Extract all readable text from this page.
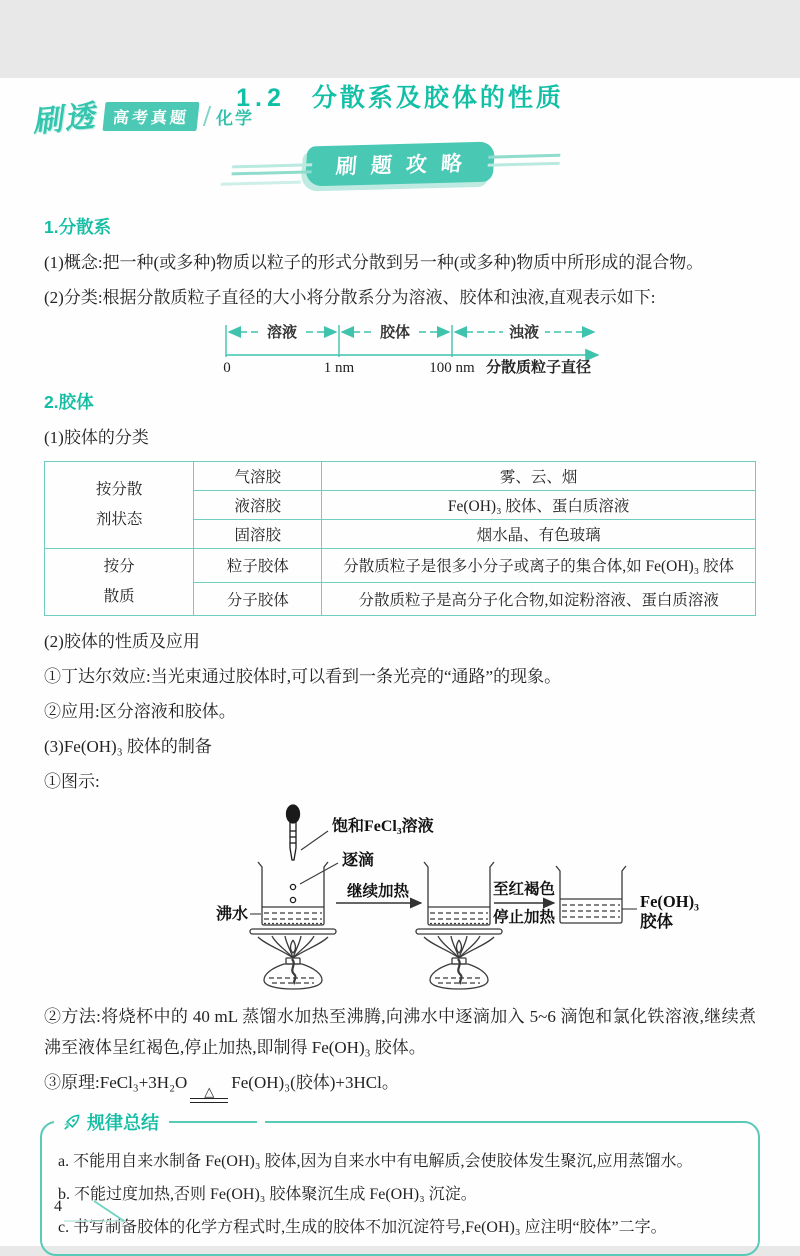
刷透 高考真题	化学
1.2 分散系及胶体的性质
刷题攻略
1.分散系

(1)概念:把一种(或多种)物质以粒子的形式分散到另一种(或多种)物质中所形成的混合物。

(2)分类:根据分散质粒子直径的大小将分散系分为溶液、胶体和浊液,直观表示如下:

溶液	胶体	浊液
0	1 nm	100 nm 分散质粒子直径
2.胶体

(1)胶体的分类

按分散
剂状态	气溶胶	雾、云、烟
	液溶胶	Fe(OH)₃ 胶体、蛋白质溶液
	固溶胶	烟水晶、有色玻璃

按分
散质	粒子胶体	分散质粒子是很多小分子或离子的集合体,如 Fe(OH)₃ 胶体
	分子胶体	分散质粒子是高分子化合物,如淀粉溶液、蛋白质溶液

(2)胶体的性质及应用

①丁达尔效应:当光束通过胶体时,可以看到一条光亮的“通路”的现象。

②应用:区分溶液和胶体。

(3)Fe(OH)₃ 胶体的制备

①图示:

饱和FeCl₃溶液
逐滴
沸水
继续加热	至红褐色
停止加热
Fe(OH)₃
胶体

②方法:将烧杯中的 40 mL 蒸馏水加热至沸腾,向沸水中逐滴加入 5~6 滴饱和氯化铁溶液,继续煮沸至液体呈红褐色,停止加热,即制得 Fe(OH)₃ 胶体。

③原理:FeCl₃+3H₂O △ Fe(OH)₃(胶体)+3HCl。

规律总结

a. 不能用自来水制备 Fe(OH)₃ 胶体,因为自来水中有电解质,会使胶体发生聚沉,应用蒸馏水。

b. 不能过度加热,否则 Fe(OH)₃ 胶体聚沉生成 Fe(OH)₃ 沉淀。

c. 书写制备胶体的化学方程式时,生成的胶体不加沉淀符号,Fe(OH)₃ 应注明“胶体”二字。

4
